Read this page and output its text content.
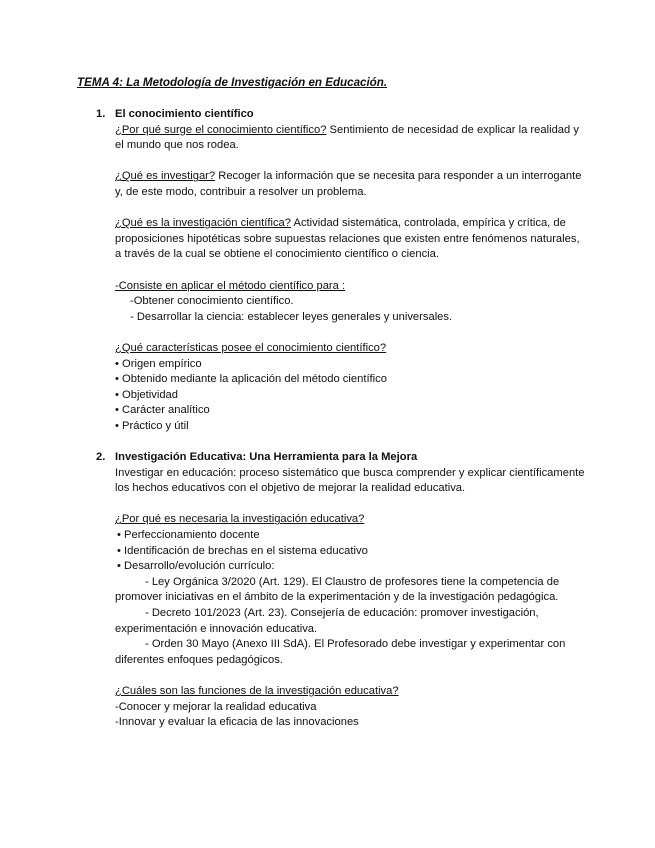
TEMA 4: La Metodología de Investigación en Educación.
1. El conocimiento científico
¿Por qué surge el conocimiento científico? Sentimiento de necesidad de explicar la realidad y el mundo que nos rodea.
¿Qué es investigar? Recoger la información que se necesita para responder a un interrogante y, de este modo, contribuir a resolver un problema.
¿Qué es la investigación científica? Actividad sistemática, controlada, empírica y crítica, de proposiciones hipotéticas sobre supuestas relaciones que existen entre fenómenos naturales, a través de la cual se obtiene el conocimiento científico o ciencia.
-Consiste en aplicar el método científico para :
-Obtener conocimiento científico.
- Desarrollar la ciencia: establecer leyes generales y universales.
¿Qué características posee el conocimiento científico?
• Origen empírico
• Obtenido mediante la aplicación del método científico
• Objetividad
• Carácter analítico
• Práctico y útil
2. Investigación Educativa: Una Herramienta para la Mejora
Investigar en educación: proceso sistemático que busca comprender y explicar científicamente los hechos educativos con el objetivo de mejorar la realidad educativa.
¿Por qué es necesaria la investigación educativa?
• Perfeccionamiento docente
• Identificación de brechas en el sistema educativo
• Desarrollo/evolución currículo:
- Ley Orgánica 3/2020 (Art. 129). El Claustro de profesores tiene la competencia de promover iniciativas en el ámbito de la experimentación y de la investigación pedagógica.
- Decreto 101/2023 (Art. 23). Consejería de educación: promover investigación, experimentación e innovación educativa.
- Orden 30 Mayo (Anexo III SdA). El Profesorado debe investigar y experimentar con diferentes enfoques pedagógicos.
¿Cuáles son las funciones de la investigación educativa?
-Conocer y mejorar la realidad educativa
-Innovar y evaluar la eficacia de las innovaciones
